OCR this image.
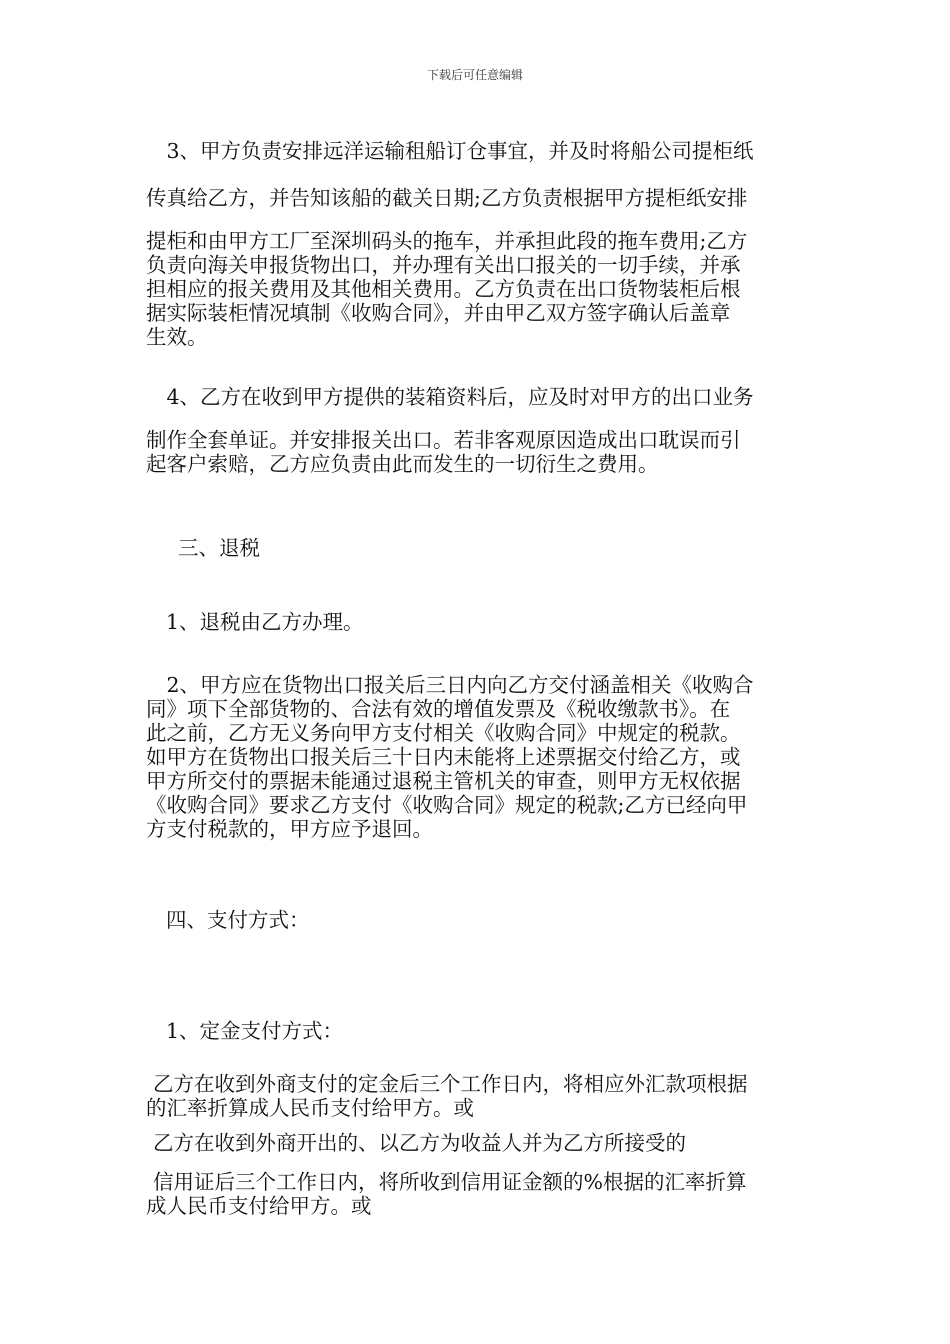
下载后可任意编辑
　3、甲方负责安排远洋运输租船订仓事宜，并及时将船公司提柜纸
传真给乙方，并告知该船的截关日期;乙方负责根据甲方提柜纸安排
提柜和由甲方工厂至深圳码头的拖车，并承担此段的拖车费用;乙方
负责向海关申报货物出口，并办理有关出口报关的一切手续，并承
担相应的报关费用及其他相关费用。乙方负责在出口货物装柜后根
据实际装柜情况填制《收购合同》，并由甲乙双方签字确认后盖章
生效。
　4、乙方在收到甲方提供的装箱资料后，应及时对甲方的出口业务
制作全套单证。并安排报关出口。若非客观原因造成出口耽误而引
起客户索赔，乙方应负责由此而发生的一切衍生之费用。
三、退税
1、退税由乙方办理。
　2、甲方应在货物出口报关后三日内向乙方交付涵盖相关《收购合
同》项下全部货物的、合法有效的增值发票及《税收缴款书》。在
此之前，乙方无义务向甲方支付相关《收购合同》中规定的税款。
如甲方在货物出口报关后三十日内未能将上述票据交付给乙方，或
甲方所交付的票据未能通过退税主管机关的审查，则甲方无权依据
《收购合同》要求乙方支付《收购合同》规定的税款;乙方已经向甲
方支付税款的，甲方应予退回。
四、支付方式：
1、定金支付方式：
乙方在收到外商支付的定金后三个工作日内，将相应外汇款项根据
的汇率折算成人民币支付给甲方。或
乙方在收到外商开出的、以乙方为收益人并为乙方所接受的
信用证后三个工作日内，将所收到信用证金额的%根据的汇率折算
成人民币支付给甲方。或
